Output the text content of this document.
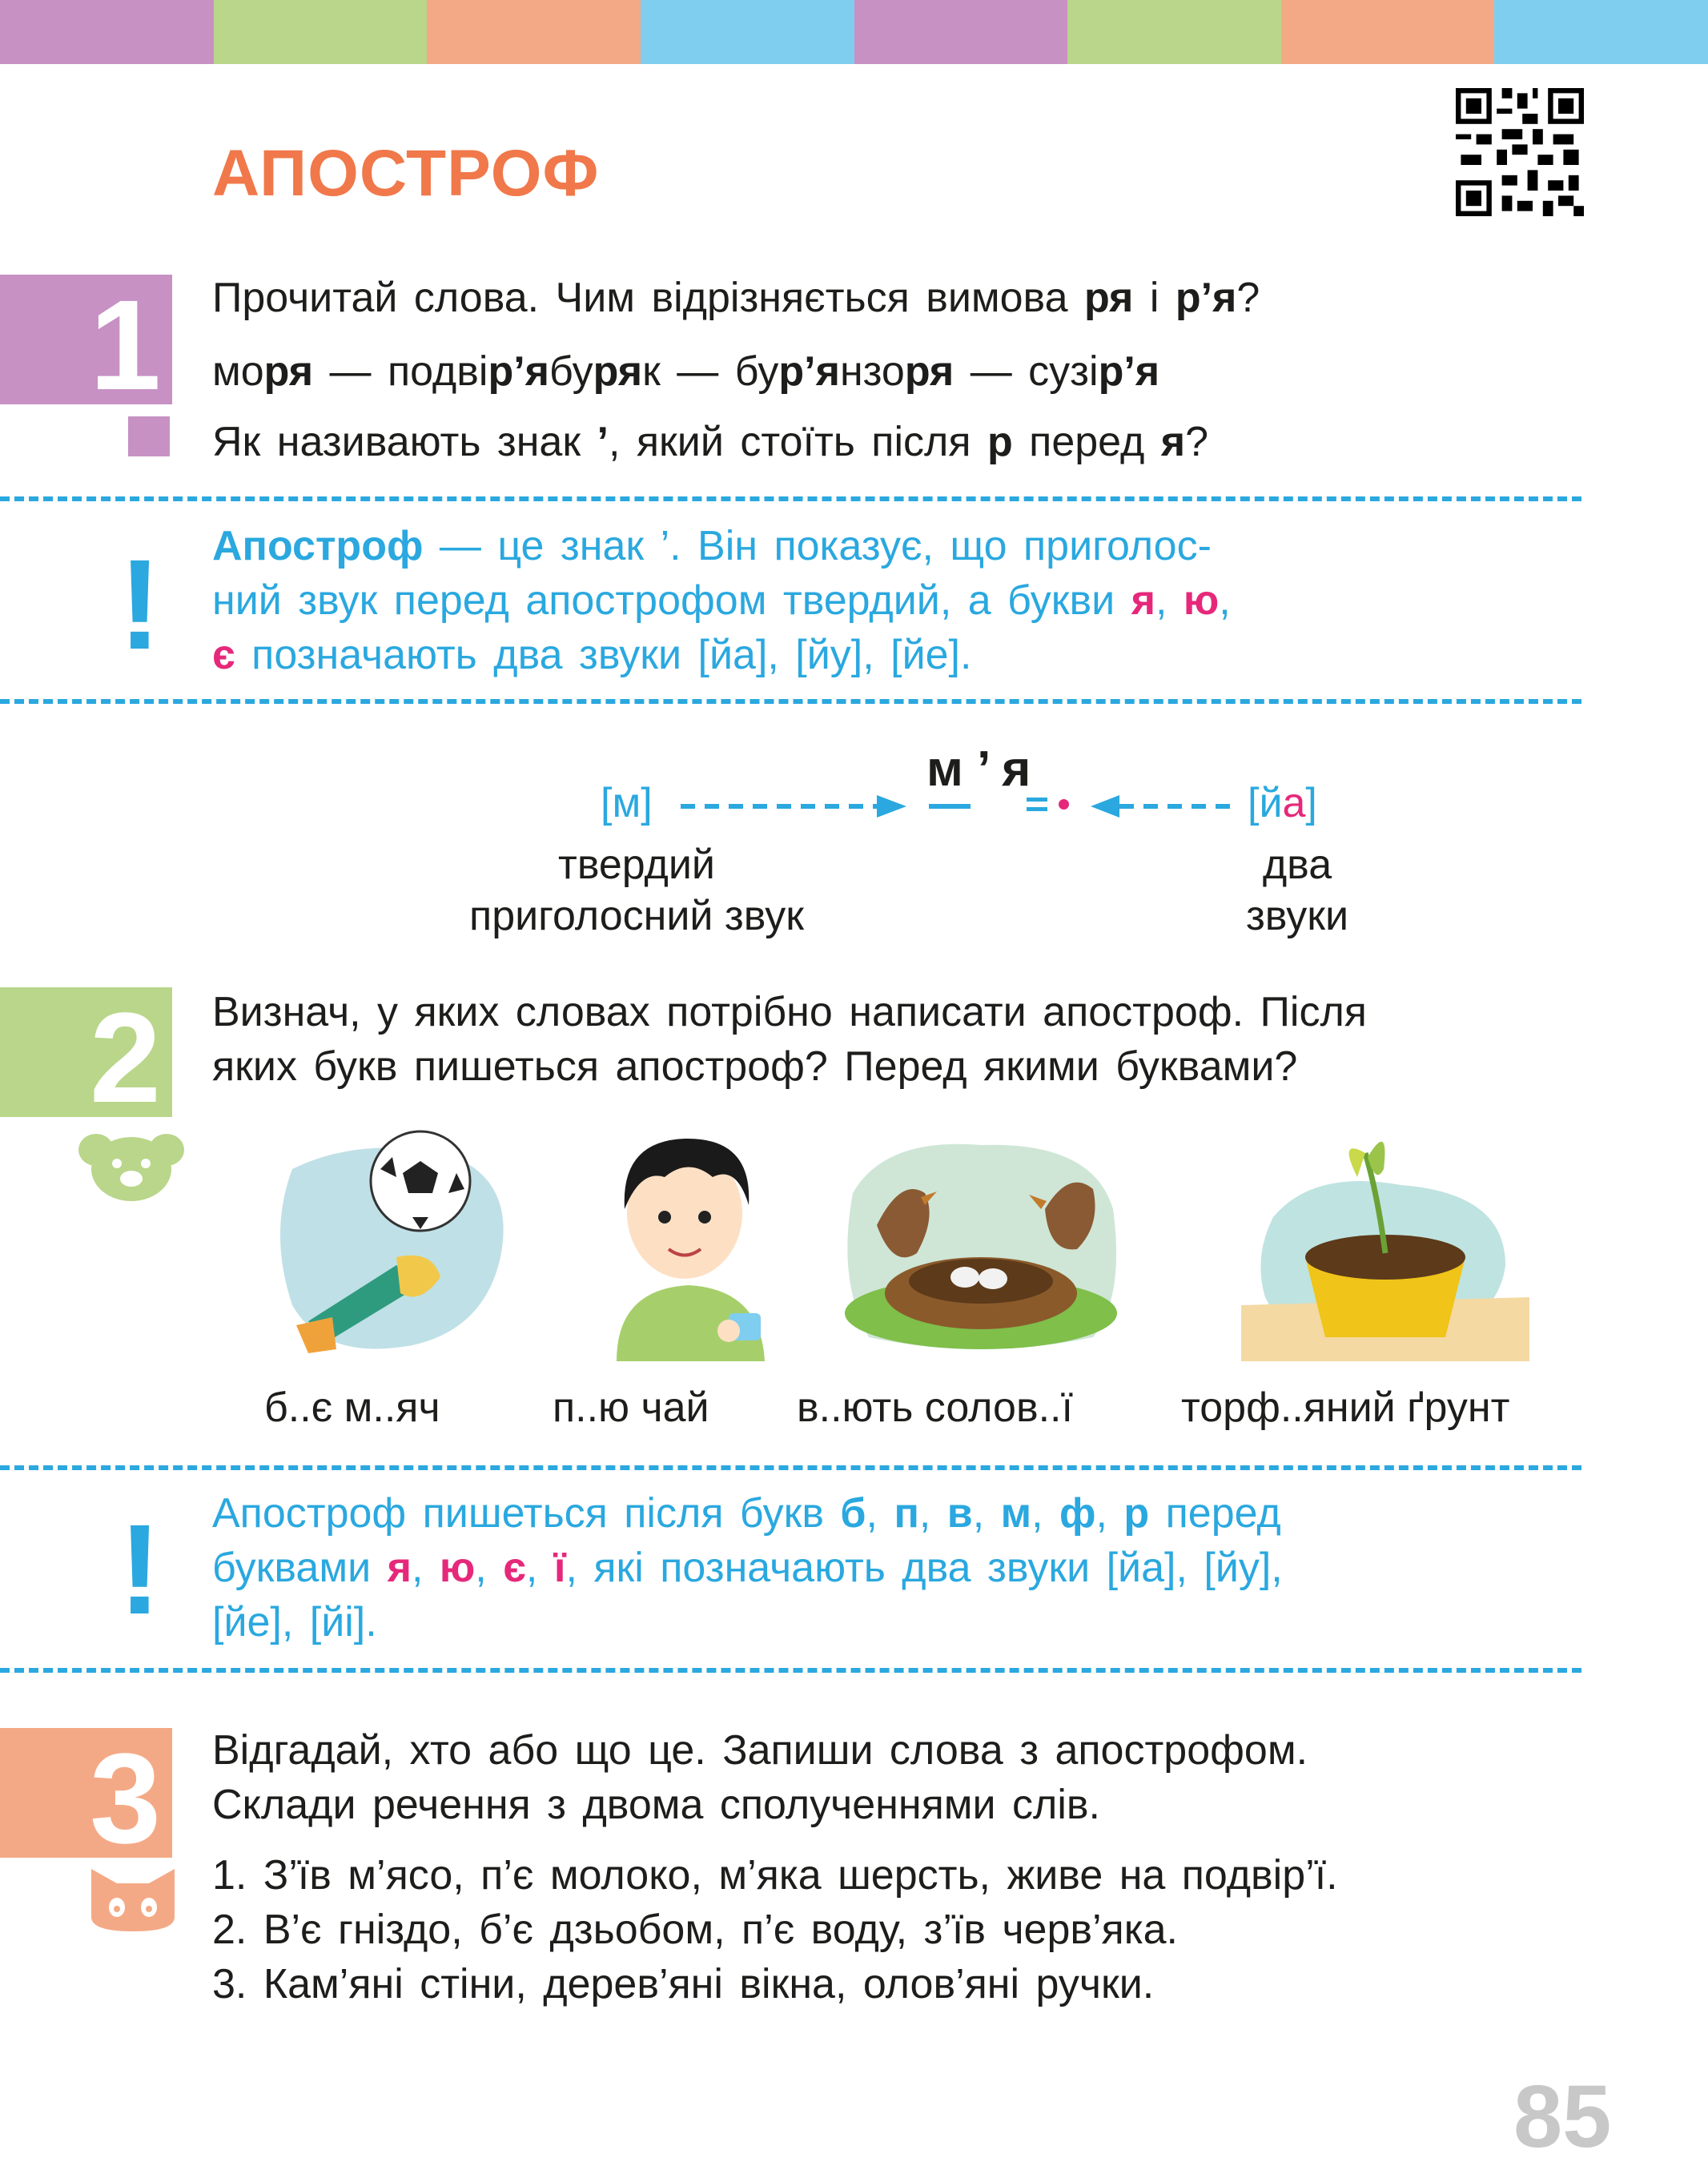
АПОСТРОФ
1 Прочитай слова. Чим відрізняється вимова ря і р’я?
моря — подвір’ябуряк — бур’янзоря — сузір’я
Як називають знак ’, який стоїть після р перед я?
! Апостроф — це знак ’. Він показує, що приголос-
ний звук перед апострофом твердий, а букви я, ю,
є позначають два звуки [йа], [йу], [йе].
м ’ я
[м]	[йа]
твердий
приголосний звук
два
звуки
2 Визнач, у яких словах потрібно написати апостроф. Після
яких букв пишеться апостроф? Перед якими буквами?
б..є м..яч	п..ю чай в..ють солов..ї	торф..яний ґрунт
! Апостроф пишеться після букв б, п, в, м, ф, р перед
буквами я, ю, є, ї, які позначають два звуки [йа], [йу],
[йе], [йі].
3 Відгадай, хто або що це. Запиши слова з апострофом.
Склади речення з двома сполученнями слів.
1. З’їв м’ясо, п’є молоко, м’яка шерсть, живе на подвір’ї.
2. В’є гніздо, б’є дзьобом, п’є воду, з’їв черв’яка.
3. Кам’яні стіни, дерев’яні вікна, олов’яні ручки.
85
